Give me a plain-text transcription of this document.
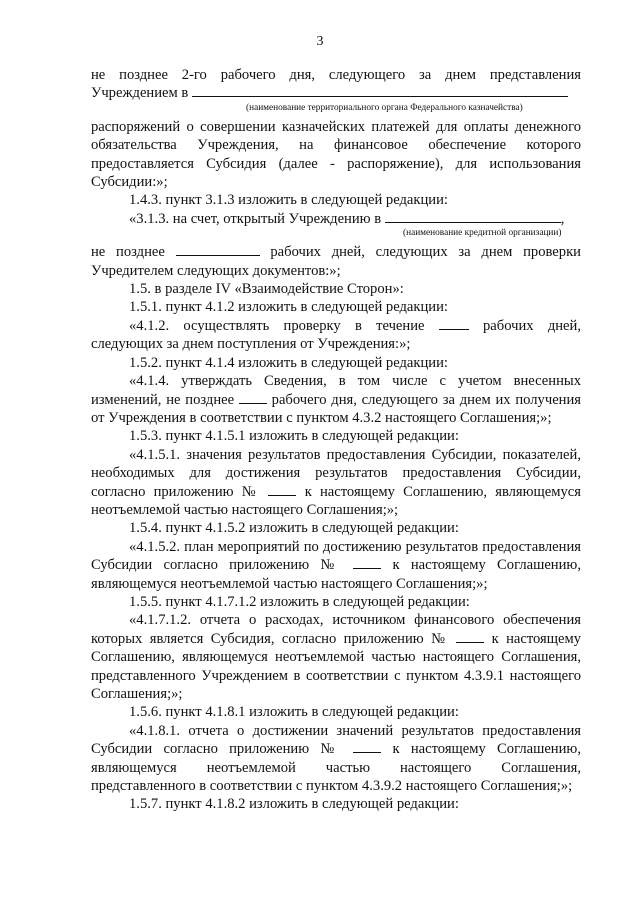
3

не позднее 2-го рабочего дня, следующего за днем представления

Учреждением в

(наименование территориального органа Федерального казначейства)

распоряжений о совершении казначейских платежей для оплаты денежного обязательства Учреждения, на финансовое обеспечение которого предоставляется Субсидия (далее - распоряжение), для использования Субсидии:»;

1.4.3. пункт 3.1.3 изложить в следующей редакции:

«3.1.3. на счет, открытый Учреждению в	,

(наименование кредитной организации)

не позднее	рабочих дней, следующих за днем проверки Учредителем следующих документов:»;

1.5. в разделе IV «Взаимодействие Сторон»:

1.5.1. пункт 4.1.2 изложить в следующей редакции:

«4.1.2. осуществлять проверку в течение	рабочих дней, следующих за днем поступления от Учреждения:»;

1.5.2. пункт 4.1.4 изложить в следующей редакции:

«4.1.4. утверждать Сведения, в том числе с учетом внесенных изменений, не позднее	рабочего дня, следующего за днем их получения от Учреждения в соответствии с пунктом 4.3.2 настоящего Соглашения;»;

1.5.3. пункт 4.1.5.1 изложить в следующей редакции:

«4.1.5.1. значения результатов предоставления Субсидии, показателей, необходимых для достижения результатов предоставления Субсидии, согласно приложению №	к настоящему Соглашению, являющемуся неотъемлемой частью настоящего Соглашения;»;

1.5.4. пункт 4.1.5.2 изложить в следующей редакции:

«4.1.5.2. план мероприятий по достижению результатов предоставления Субсидии согласно приложению №	к настоящему Соглашению, являющемуся неотъемлемой частью настоящего Соглашения;»;

1.5.5. пункт 4.1.7.1.2 изложить в следующей редакции:

«4.1.7.1.2. отчета о расходах, источником финансового обеспечения которых является Субсидия, согласно приложению №	к настоящему Соглашению, являющемуся неотъемлемой частью настоящего Соглашения, представленного Учреждением в соответствии с пунктом 4.3.9.1 настоящего Соглашения;»;

1.5.6. пункт 4.1.8.1 изложить в следующей редакции:

«4.1.8.1. отчета о достижении значений результатов предоставления Субсидии согласно приложению №	к настоящему Соглашению, являющемуся неотъемлемой частью настоящего Соглашения, представленного в соответствии с пунктом 4.3.9.2 настоящего Соглашения;»;

1.5.7. пункт 4.1.8.2 изложить в следующей редакции:
